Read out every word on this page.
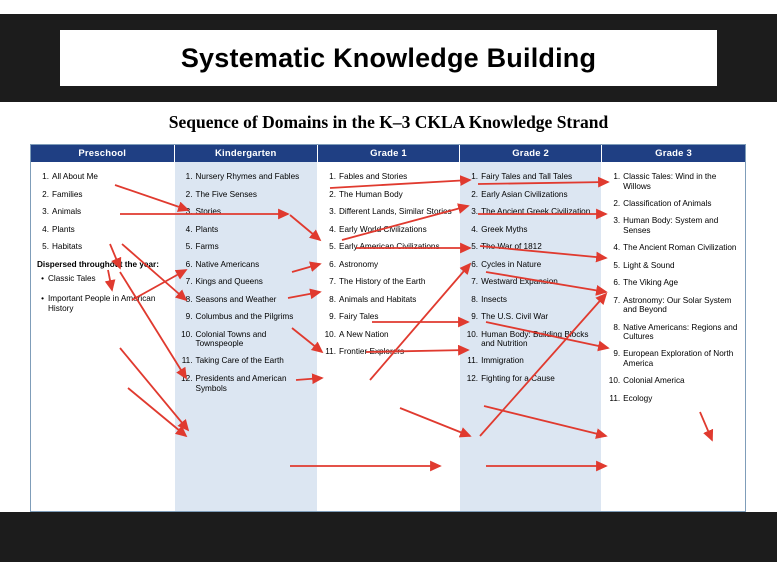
Systematic Knowledge Building
Sequence of Domains in the K–3 CKLA Knowledge Strand
Preschool
1. All About Me
2. Families
3. Animals
4. Plants
5. Habitats
Dispersed throughout the year:
• Classic Tales
• Important People in American History
Kindergarten
1. Nursery Rhymes and Fables
2. The Five Senses
3. Stories
4. Plants
5. Farms
6. Native Americans
7. Kings and Queens
8. Seasons and Weather
9. Columbus and the Pilgrims
10. Colonial Towns and Townspeople
11. Taking Care of the Earth
12. Presidents and American Symbols
Grade 1
1. Fables and Stories
2. The Human Body
3. Different Lands, Similar Stories
4. Early World Civilizations
5. Early American Civilizations
6. Astronomy
7. The History of the Earth
8. Animals and Habitats
9. Fairy Tales
10. A New Nation
11. Frontier Explorers
Grade 2
1. Fairy Tales and Tall Tales
2. Early Asian Civilizations
3. The Ancient Greek Civilization
4. Greek Myths
5. The War of 1812
6. Cycles in Nature
7. Westward Expansion
8. Insects
9. The U.S. Civil War
10. Human Body: Building Blocks and Nutrition
11. Immigration
12. Fighting for a Cause
Grade 3
1. Classic Tales: Wind in the Willows
2. Classification of Animals
3. Human Body: System and Senses
4. The Ancient Roman Civilization
5. Light & Sound
6. The Viking Age
7. Astronomy: Our Solar System and Beyond
8. Native Americans: Regions and Cultures
9. European Exploration of North America
10. Colonial America
11. Ecology
